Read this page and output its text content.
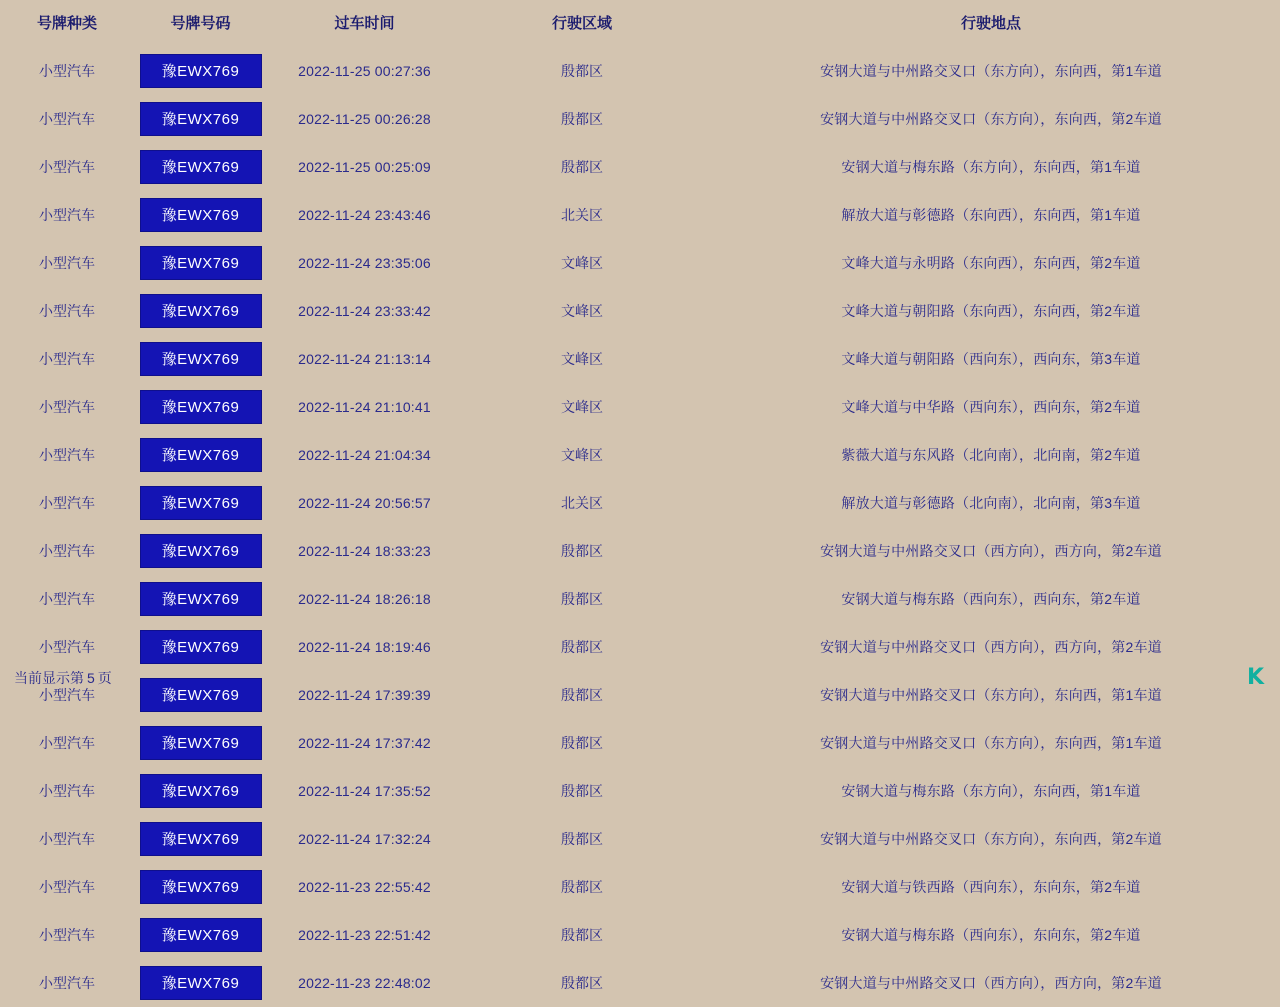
号牌种类	号牌号码	过车时间	行驶区域	行驶地点
小型汽车	豫EWX769	2022-11-25 00:27:36	殷都区	安钢大道与中州路交叉口（东方向），东向西，第1车道
小型汽车	豫EWX769	2022-11-25 00:26:28	殷都区	安钢大道与中州路交叉口（东方向），东向西，第2车道
小型汽车	豫EWX769	2022-11-25 00:25:09	殷都区	安钢大道与梅东路（东方向），东向西，第1车道
小型汽车	豫EWX769	2022-11-24 23:43:46	北关区	解放大道与彰德路（东向西），东向西，第1车道
小型汽车	豫EWX769	2022-11-24 23:35:06	文峰区	文峰大道与永明路（东向西），东向西，第2车道
小型汽车	豫EWX769	2022-11-24 23:33:42	文峰区	文峰大道与朝阳路（东向西），东向西，第2车道
小型汽车	豫EWX769	2022-11-24 21:13:14	文峰区	文峰大道与朝阳路（西向东），西向东，第3车道
小型汽车	豫EWX769	2022-11-24 21:10:41	文峰区	文峰大道与中华路（西向东），西向东，第2车道
小型汽车	豫EWX769	2022-11-24 21:04:34	文峰区	紫薇大道与东风路（北向南），北向南，第2车道
小型汽车	豫EWX769	2022-11-24 20:56:57	北关区	解放大道与彰德路（北向南），北向南，第3车道
小型汽车	豫EWX769	2022-11-24 18:33:23	殷都区	安钢大道与中州路交叉口（西方向），西方向，第2车道
小型汽车	豫EWX769	2022-11-24 18:26:18	殷都区	安钢大道与梅东路（西向东），西向东，第2车道
小型汽车	豫EWX769	2022-11-24 18:19:46	殷都区	安钢大道与中州路交叉口（西方向），西方向，第2车道
小型汽车	豫EWX769	2022-11-24 17:39:39	殷都区	安钢大道与中州路交叉口（东方向），东向西，第1车道
小型汽车	豫EWX769	2022-11-24 17:37:42	殷都区	安钢大道与中州路交叉口（东方向），东向西，第1车道
小型汽车	豫EWX769	2022-11-24 17:35:52	殷都区	安钢大道与梅东路（东方向），东向西，第1车道
小型汽车	豫EWX769	2022-11-24 17:32:24	殷都区	安钢大道与中州路交叉口（东方向），东向西，第2车道
小型汽车	豫EWX769	2022-11-23 22:55:42	殷都区	安钢大道与铁西路（西向东），东向东，第2车道
小型汽车	豫EWX769	2022-11-23 22:51:42	殷都区	安钢大道与梅东路（西向东），东向东，第2车道
小型汽车	豫EWX769	2022-11-23 22:48:02	殷都区	安钢大道与中州路交叉口（西方向），西方向，第2车道
当前显示第 5 页	K
